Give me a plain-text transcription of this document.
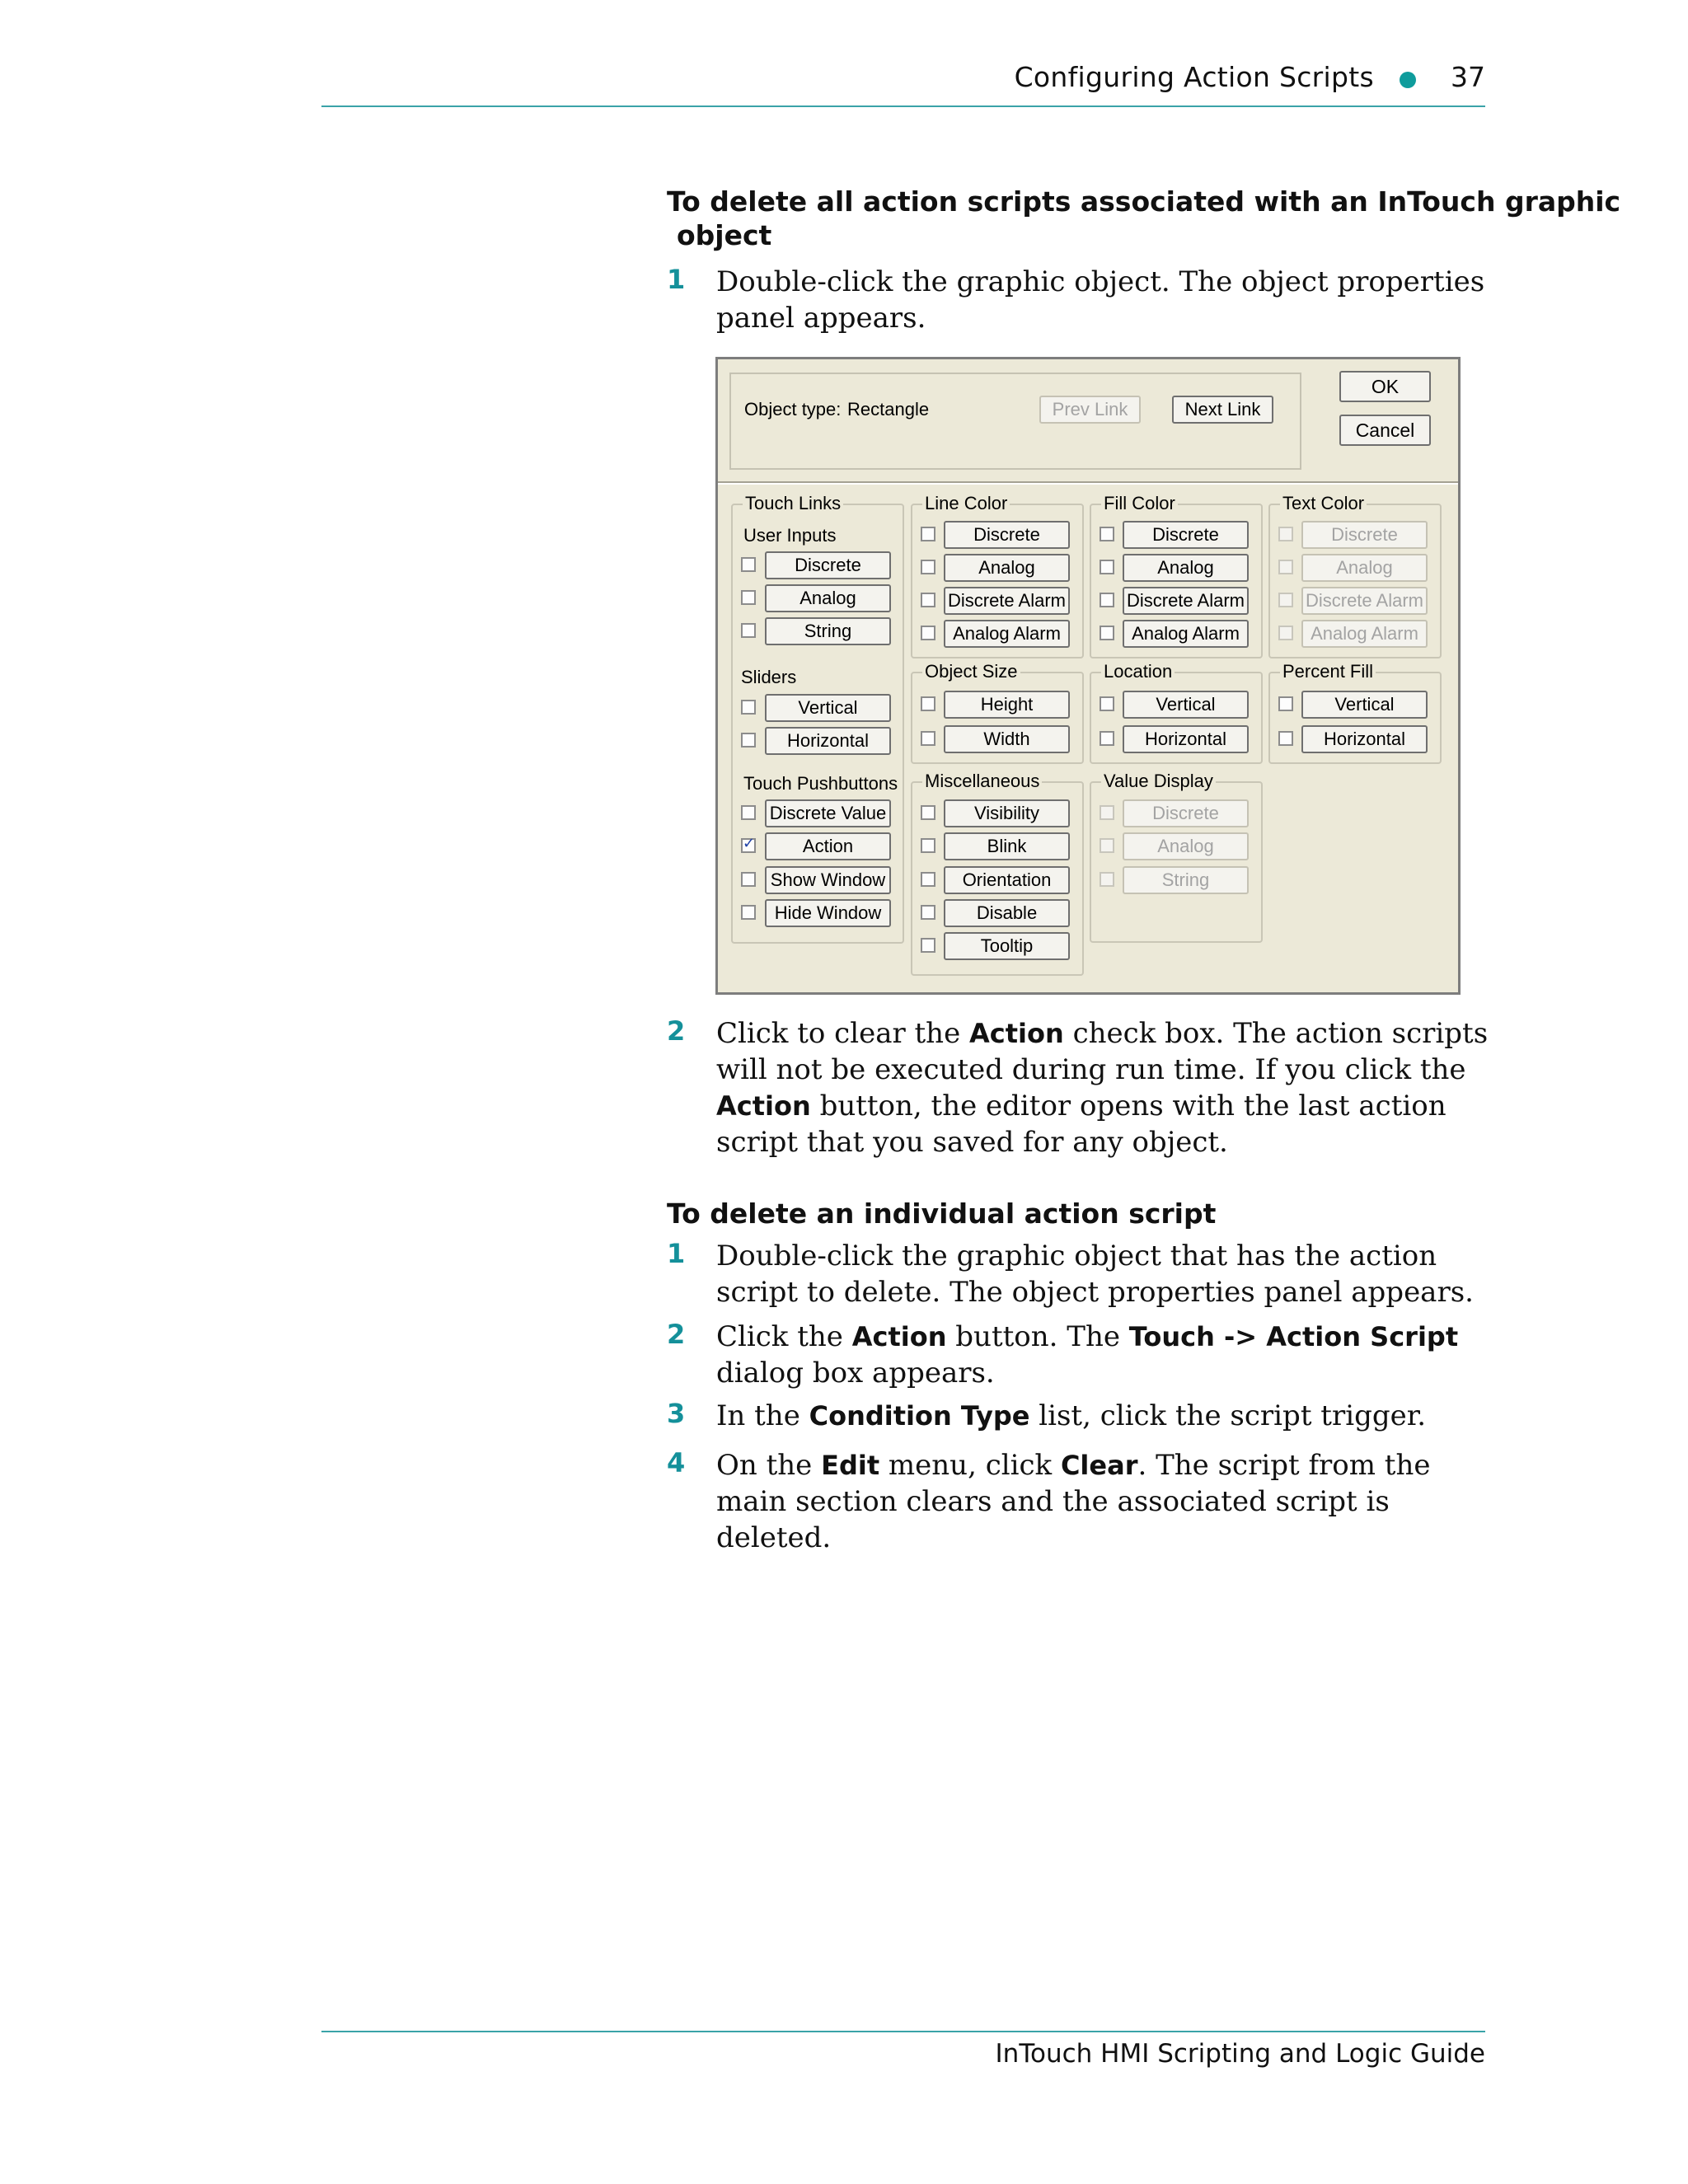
Configuring Action Scripts	37
To delete all action scripts associated with an InTouch graphic
object
1 Double-click the graphic object. The object properties panel appears.
Object type: Rectangle	Prev Link	Next Link
OK
Cancel
Touch Links
User Inputs
Discrete
Analog
String
Sliders
Vertical
Horizontal
Touch Pushbuttons
Discrete Value
✓
Action
Show Window
Hide Window
Line Color
Discrete
Analog
Discrete Alarm
Analog Alarm
Fill Color
Discrete
Analog
Discrete Alarm
Analog Alarm
Text Color
Discrete
Analog
Discrete Alarm
Analog Alarm
Object Size
Height
Width
Location
Vertical
Horizontal
Percent Fill
Vertical
Horizontal
Miscellaneous
Visibility
Blink
Orientation
Disable
Tooltip
Value Display
Discrete
Analog
String
2 Click to clear the Action check box. The action scripts will not be executed during run time. If you click the Action button, the editor opens with the last action script that you saved for any object.
To delete an individual action script
1 Double-click the graphic object that has the action script to delete. The object properties panel appears.
2 Click the Action button. The Touch -> Action Script dialog box appears.
3 In the Condition Type list, click the script trigger.
4 On the Edit menu, click Clear. The script from the main section clears and the associated script is deleted.
InTouch HMI Scripting and Logic Guide
